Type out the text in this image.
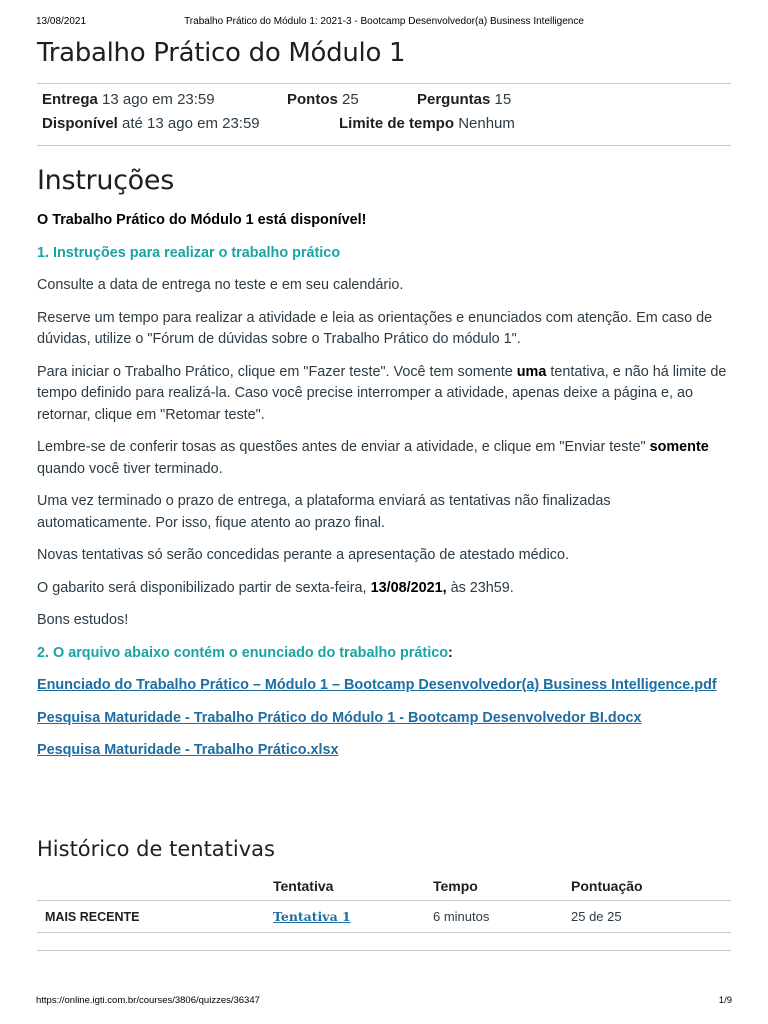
13/08/2021	Trabalho Prático do Módulo 1: 2021-3 - Bootcamp Desenvolvedor(a) Business Intelligence
Trabalho Prático do Módulo 1
Entrega 13 ago em 23:59	Pontos 25	Perguntas 15
Disponível até 13 ago em 23:59	Limite de tempo Nenhum
Instruções

O Trabalho Prático do Módulo 1 está disponível!

1. Instruções para realizar o trabalho prático

Consulte a data de entrega no teste e em seu calendário.

Reserve um tempo para realizar a atividade e leia as orientações e enunciados com atenção. Em caso de dúvidas, utilize o "Fórum de dúvidas sobre o Trabalho Prático do módulo 1".

Para iniciar o Trabalho Prático, clique em "Fazer teste". Você tem somente uma tentativa, e não há limite de tempo definido para realizá-la. Caso você precise interromper a atividade, apenas deixe a página e, ao retornar, clique em "Retomar teste".

Lembre-se de conferir tosas as questões antes de enviar a atividade, e clique em "Enviar teste" somente quando você tiver terminado.

Uma vez terminado o prazo de entrega, a plataforma enviará as tentativas não finalizadas automaticamente. Por isso, fique atento ao prazo final.

Novas tentativas só serão concedidas perante a apresentação de atestado médico.

O gabarito será disponibilizado partir de sexta-feira, 13/08/2021, às 23h59.

Bons estudos!

2. O arquivo abaixo contém o enunciado do trabalho prático:

Enunciado do Trabalho Prático – Módulo 1 – Bootcamp Desenvolvedor(a) Business Intelligence.pdf

Pesquisa Maturidade - Trabalho Prático do Módulo 1 - Bootcamp Desenvolvedor BI.docx

Pesquisa Maturidade - Trabalho Prático.xlsx

Histórico de tentativas
	Tentativa	Tempo	Pontuação
MAIS RECENTE	Tentativa 1	6 minutos	25 de 25
https://online.igti.com.br/courses/3806/quizzes/36347	1/9
